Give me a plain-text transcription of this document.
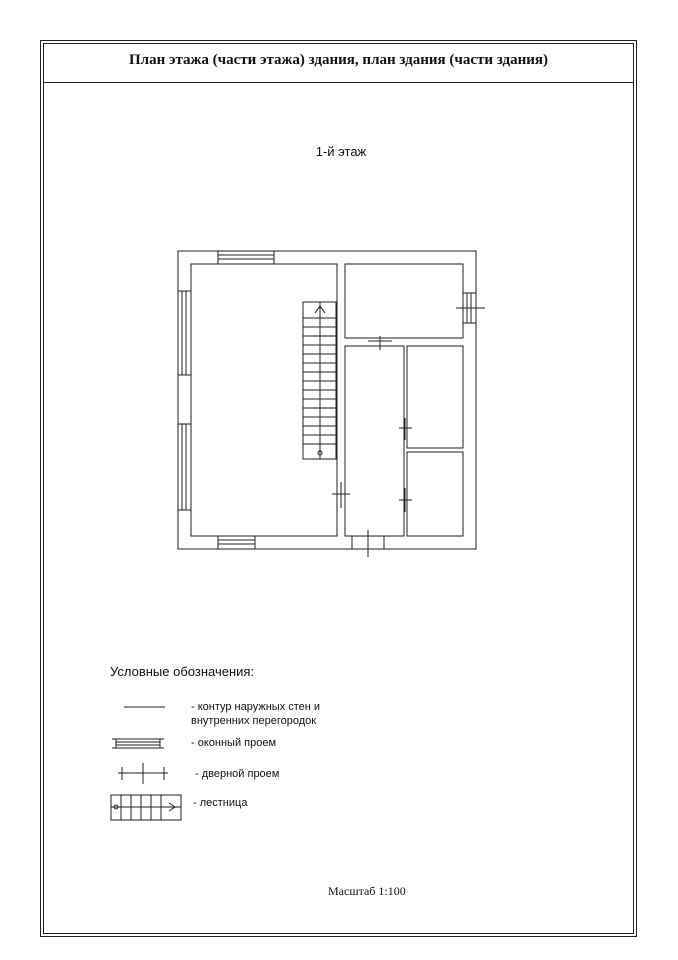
План этажа (части этажа) здания, план здания (части здания)
1-й этаж
Условные обозначения:
- контур наружных стен и
внутренних перегородок
- оконный проем
- дверной проем
- лестница
Масштаб 1:100
